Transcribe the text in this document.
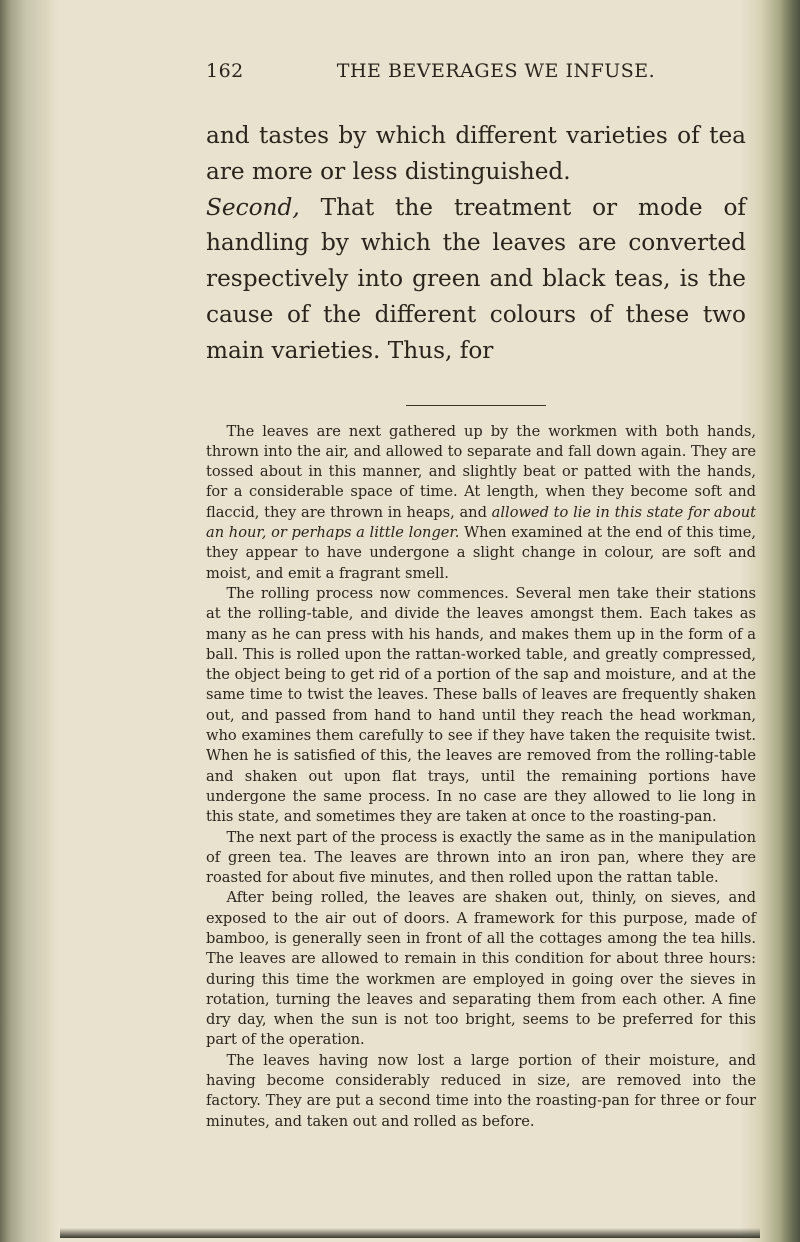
162	THE BEVERAGES WE INFUSE.

and tastes by which different varieties of tea are more or less distinguished.

Second, That the treatment or mode of handling by which the leaves are converted respectively into green and black teas, is the cause of the different colours of these two main varieties. Thus, for

The leaves are next gathered up by the workmen with both hands, thrown into the air, and allowed to separate and fall down again. They are tossed about in this manner, and slightly beat or patted with the hands, for a considerable space of time. At length, when they become soft and flaccid, they are thrown in heaps, and allowed to lie in this state for about an hour, or perhaps a little longer. When examined at the end of this time, they appear to have undergone a slight change in colour, are soft and moist, and emit a fragrant smell.

The rolling process now commences. Several men take their stations at the rolling-table, and divide the leaves amongst them. Each takes as many as he can press with his hands, and makes them up in the form of a ball. This is rolled upon the rattan-worked table, and greatly compressed, the object being to get rid of a portion of the sap and moisture, and at the same time to twist the leaves. These balls of leaves are frequently shaken out, and passed from hand to hand until they reach the head workman, who examines them carefully to see if they have taken the requisite twist. When he is satisfied of this, the leaves are removed from the rolling-table and shaken out upon flat trays, until the remaining portions have undergone the same process. In no case are they allowed to lie long in this state, and sometimes they are taken at once to the roasting-pan.

The next part of the process is exactly the same as in the manipulation of green tea. The leaves are thrown into an iron pan, where they are roasted for about five minutes, and then rolled upon the rattan table.

After being rolled, the leaves are shaken out, thinly, on sieves, and exposed to the air out of doors. A framework for this purpose, made of bamboo, is generally seen in front of all the cottages among the tea hills. The leaves are allowed to remain in this condition for about three hours: during this time the workmen are employed in going over the sieves in rotation, turning the leaves and separating them from each other. A fine dry day, when the sun is not too bright, seems to be preferred for this part of the operation.

The leaves having now lost a large portion of their moisture, and having become considerably reduced in size, are removed into the factory. They are put a second time into the roasting-pan for three or four minutes, and taken out and rolled as before.
